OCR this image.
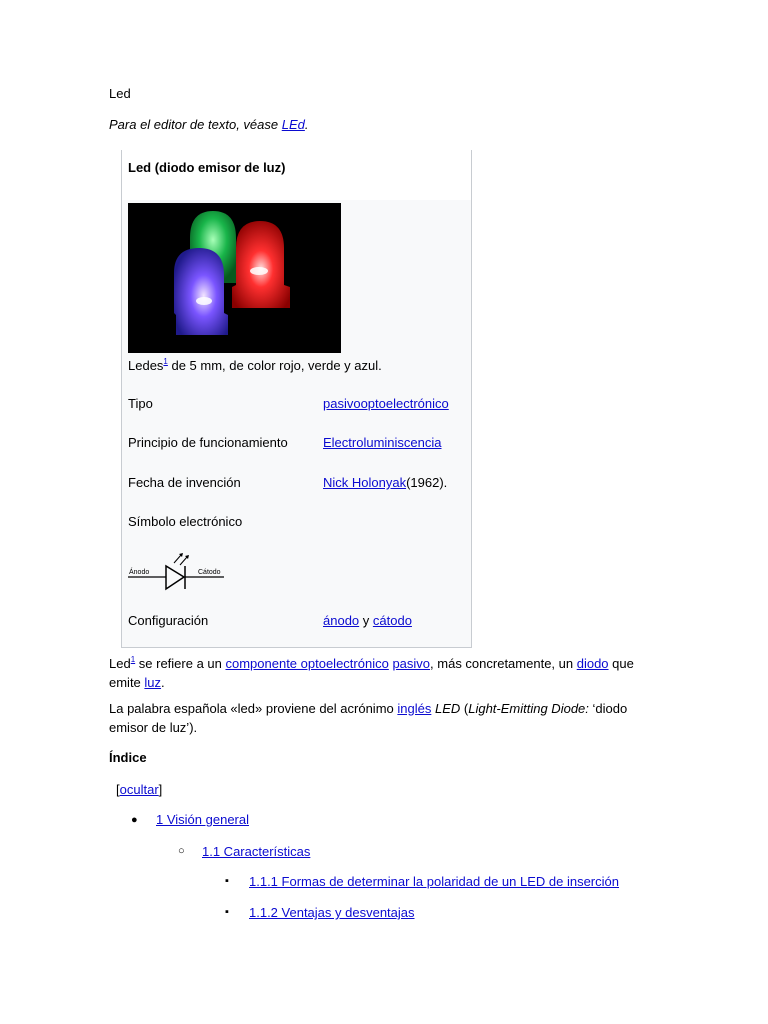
Led
Para el editor de texto, véase LEd.
Led (diodo emisor de luz)
Ledes$^1$ de 5 mm, de color rojo, verde y azul.
Tipo	pasivooptoelectrónico
Principio de funcionamiento	Electroluminiscencia
Fecha de invención	Nick Holonyak(1962).
Símbolo electrónico
Ánodo	Cátodo
Configuración	ánodo y cátodo
Led$^1$ se refiere a un componente optoelectrónico pasivo, más concretamente, un diodo que
emite luz.
La palabra española «led» proviene del acrónimo inglés LED (Light-Emitting Diode: ‘diodo
emisor de luz’).
Índice
[ocultar]
● 1 Visión general
○ 1.1 Características
▪ 1.1.1 Formas de determinar la polaridad de un LED de inserción
▪ 1.1.2 Ventajas y desventajas
